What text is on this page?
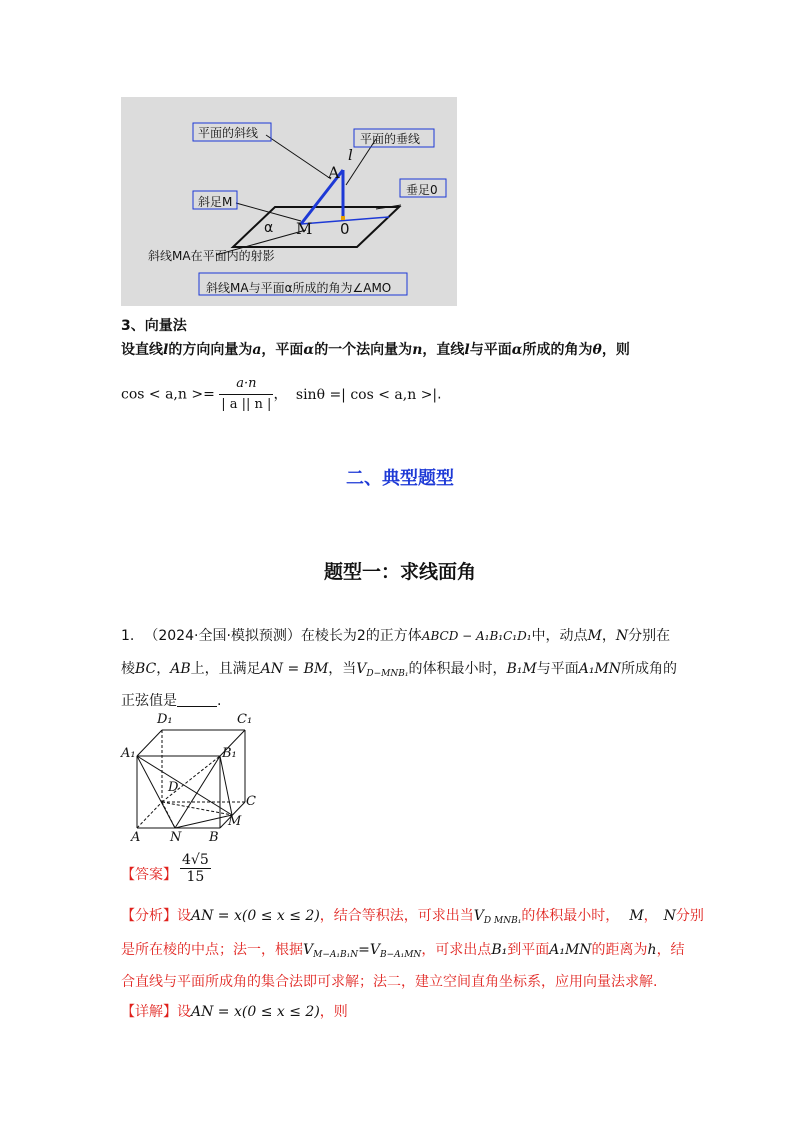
平面的斜线	平面的垂线
斜足M
垂足0
斜线MA在平面内的射影
斜线MA与平面α所成的角为∠AMO
A
l
M 0
α
3、向量法
设直线l的方向向量为a，平面α的一个法向量为n，直线l与平面α所成的角为θ，则
$\cos < a,n >= \frac{a\cdot n}{| a || n |}$ ， sinθ =| cos < a,n >|.
二、典型题型
题型一：求线面角
1. （2024·全国·模拟预测）在棱长为2的正方体ABCD − A₁B₁C₁D₁中，动点M，N分别在
棱BC，AB上，且满足AN = BM，当$V_{D-MNB_1}$的体积最小时，B₁M与平面A₁MN所成角的
正弦值是	.
D₁	C₁
A₁	B₁
D
C
M
A N B
【答案】 $\frac{4√5}{15}$
【分析】设AN = x(0 ≤ x ≤ 2)，结合等积法，可求出当$V_{D MNB_1}$的体积最小时， M， N分别
是所在棱的中点；法一，根据$V_{M-A_1B_1N}=V_{B-A_1MN}$，可求出点B₁到平面A₁MN的距离为h，结
合直线与平面所成角的集合法即可求解；法二，建立空间直角坐标系，应用向量法求解.
【详解】设AN = x(0 ≤ x ≤ 2)，则
